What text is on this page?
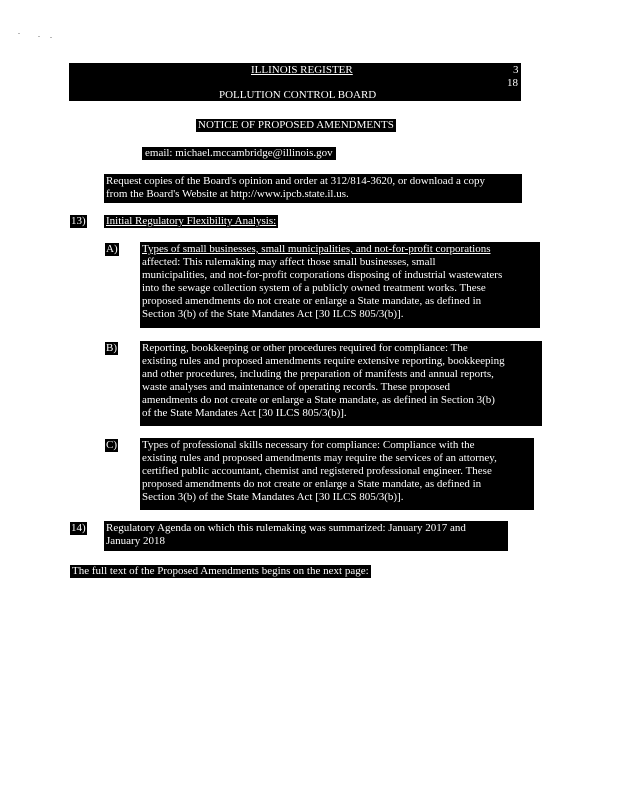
ILLINOIS REGISTER	3
18
POLLUTION CONTROL BOARD
NOTICE OF PROPOSED AMENDMENTS
email: michael.mccambridge@illinois.gov
Request copies of the Board's opinion and order at 312/814-3620, or download a copy
from the Board's Website at http://www.ipcb.state.il.us.
13) Initial Regulatory Flexibility Analysis:
A) Types of small businesses, small municipalities, and not-for-profit corporations
affected: This rulemaking may affect those small businesses, small
municipalities, and not-for-profit corporations disposing of industrial wastewaters
into the sewage collection system of a publicly owned treatment works. These
proposed amendments do not create or enlarge a State mandate, as defined in
Section 3(b) of the State Mandates Act [30 ILCS 805/3(b)].
B) Reporting, bookkeeping or other procedures required for compliance: The
existing rules and proposed amendments require extensive reporting, bookkeeping
and other procedures, including the preparation of manifests and annual reports,
waste analyses and maintenance of operating records. These proposed
amendments do not create or enlarge a State mandate, as defined in Section 3(b)
of the State Mandates Act [30 ILCS 805/3(b)].
C) Types of professional skills necessary for compliance: Compliance with the
existing rules and proposed amendments may require the services of an attorney,
certified public accountant, chemist and registered professional engineer. These
proposed amendments do not create or enlarge a State mandate, as defined in
Section 3(b) of the State Mandates Act [30 ILCS 805/3(b)].
14) Regulatory Agenda on which this rulemaking was summarized: January 2017 and
January 2018
The full text of the Proposed Amendments begins on the next page:
